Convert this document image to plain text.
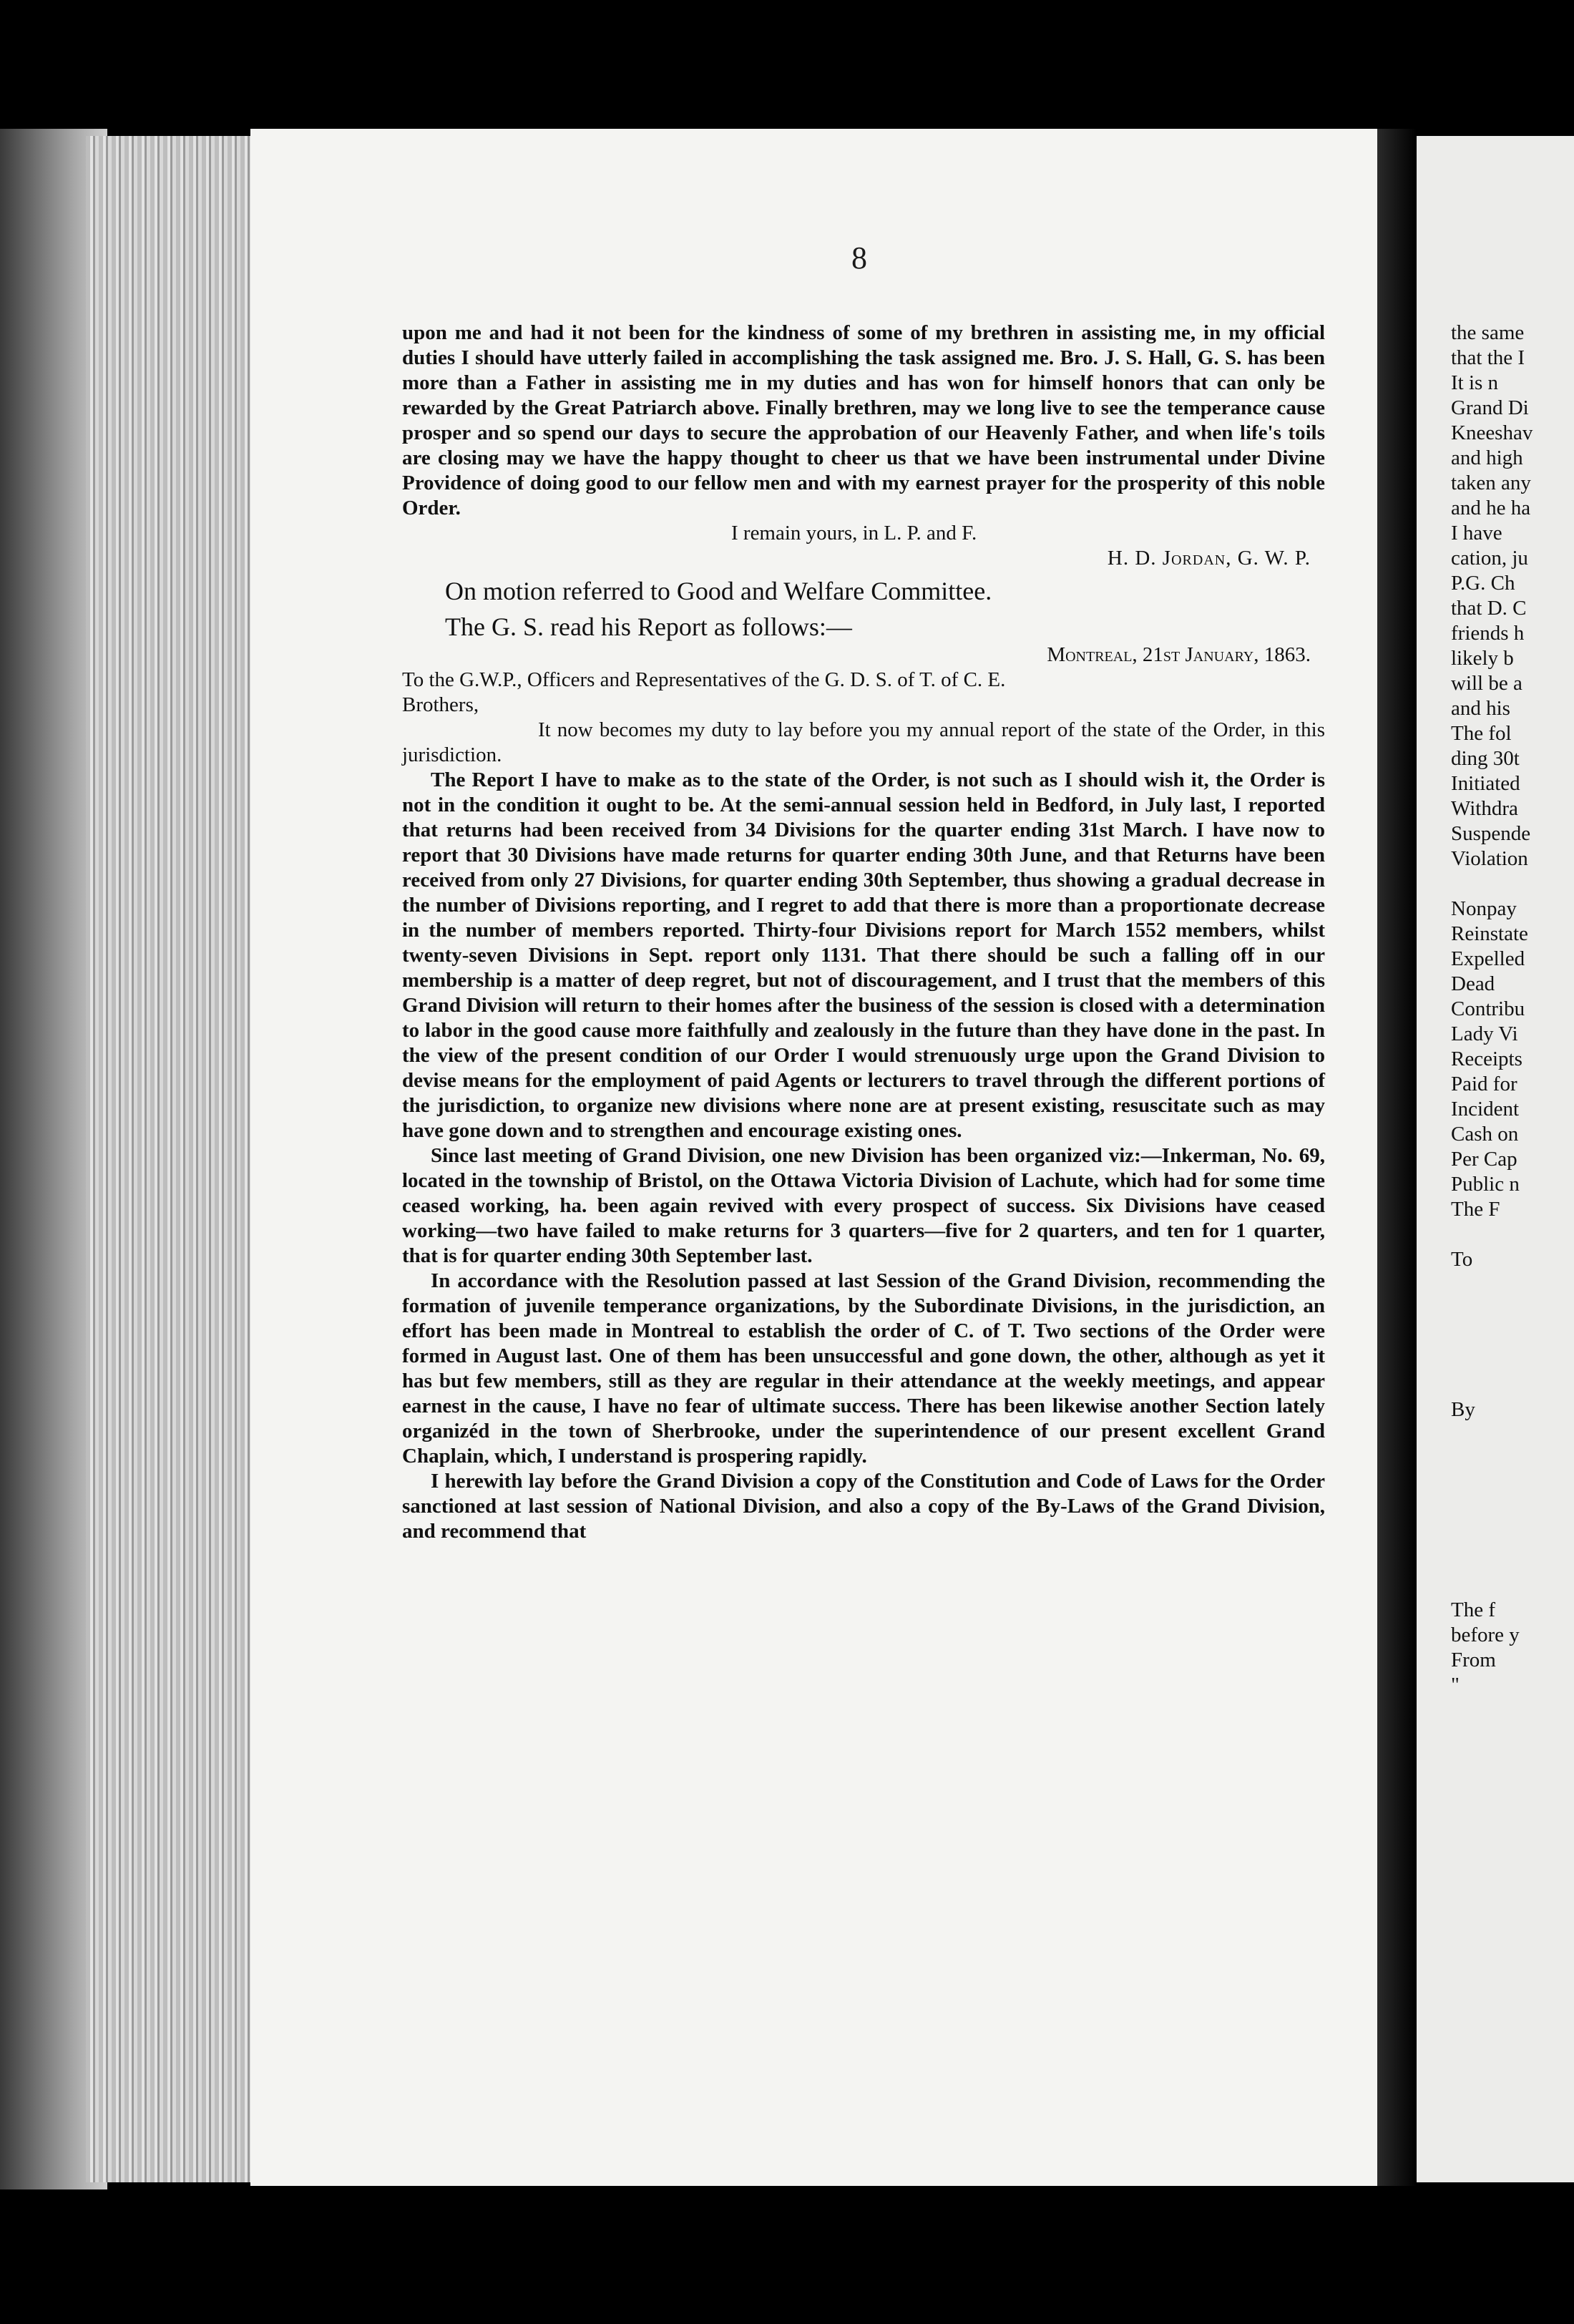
8

upon me and had it not been for the kindness of some of my brethren in assisting me, in my official duties I should have utterly failed in accomplishing the task assigned me. Bro. J. S. Hall, G. S. has been more than a Father in assisting me in my duties and has won for himself honors that can only be rewarded by the Great Patriarch above. Finally brethren, may we long live to see the temperance cause prosper and so spend our days to secure the approbation of our Heavenly Father, and when life's toils are closing may we have the happy thought to cheer us that we have been instrumental under Divine Providence of doing good to our fellow men and with my earnest prayer for the prosperity of this noble Order.

I remain yours, in L. P. and F.

H. D. Jordan, G. W. P.

On motion referred to Good and Welfare Committee.

The G. S. read his Report as follows:—

Montreal, 21st January, 1863.

To the G.W.P., Officers and Representatives of the G. D. S. of T. of C. E.

Brothers,

It now becomes my duty to lay before you my annual report of the state of the Order, in this jurisdiction.

The Report I have to make as to the state of the Order, is not such as I should wish it, the Order is not in the condition it ought to be. At the semi-annual session held in Bedford, in July last, I reported that returns had been received from 34 Divisions for the quarter ending 31st March. I have now to report that 30 Divisions have made returns for quarter ending 30th June, and that Returns have been received from only 27 Divisions, for quarter ending 30th September, thus showing a gradual decrease in the number of Divisions reporting, and I regret to add that there is more than a proportionate decrease in the number of members reported. Thirty-four Divisions report for March 1552 members, whilst twenty-seven Divisions in Sept. report only 1131. That there should be such a falling off in our membership is a matter of deep regret, but not of discouragement, and I trust that the members of this Grand Division will return to their homes after the business of the session is closed with a determination to labor in the good cause more faithfully and zealously in the future than they have done in the past. In the view of the present condition of our Order I would strenuously urge upon the Grand Division to devise means for the employment of paid Agents or lecturers to travel through the different portions of the jurisdiction, to organize new divisions where none are at present existing, resuscitate such as may have gone down and to strengthen and encourage existing ones.

Since last meeting of Grand Division, one new Division has been organized viz:—Inkerman, No. 69, located in the township of Bristol, on the Ottawa Victoria Division of Lachute, which had for some time ceased working, ha. been again revived with every prospect of success. Six Divisions have ceased working—two have failed to make returns for 3 quarters—five for 2 quarters, and ten for 1 quarter, that is for quarter ending 30th September last.

In accordance with the Resolution passed at last Session of the Grand Division, recommending the formation of juvenile temperance organizations, by the Subordinate Divisions, in the jurisdiction, an effort has been made in Montreal to establish the order of C. of T. Two sections of the Order were formed in August last. One of them has been unsuccessful and gone down, the other, although as yet it has but few members, still as they are regular in their attendance at the weekly meetings, and appear earnest in the cause, I have no fear of ultimate success. There has been likewise another Section lately organizéd in the town of Sherbrooke, under the superintendence of our present excellent Grand Chaplain, which, I understand is prospering rapidly.

I herewith lay before the Grand Division a copy of the Constitution and Code of Laws for the Order sanctioned at last session of National Division, and also a copy of the By-Laws of the Grand Division, and recommend that

the same
that the I
It is n
Grand Di
Kneeshav
and high
taken any
and he ha
I have
cation, ju
P.G. Ch
that D. C
friends h
likely b
will be a
and his
The fol
ding 30t
Initiated
Withdra
Suspende
Violation
Nonpay
Reinstate
Expelled
Dead
Contribu
Lady Vi
Receipts
Paid for
Incident
Cash on
Per Cap
Public n
The F
To
By
The f
before y
From
"
